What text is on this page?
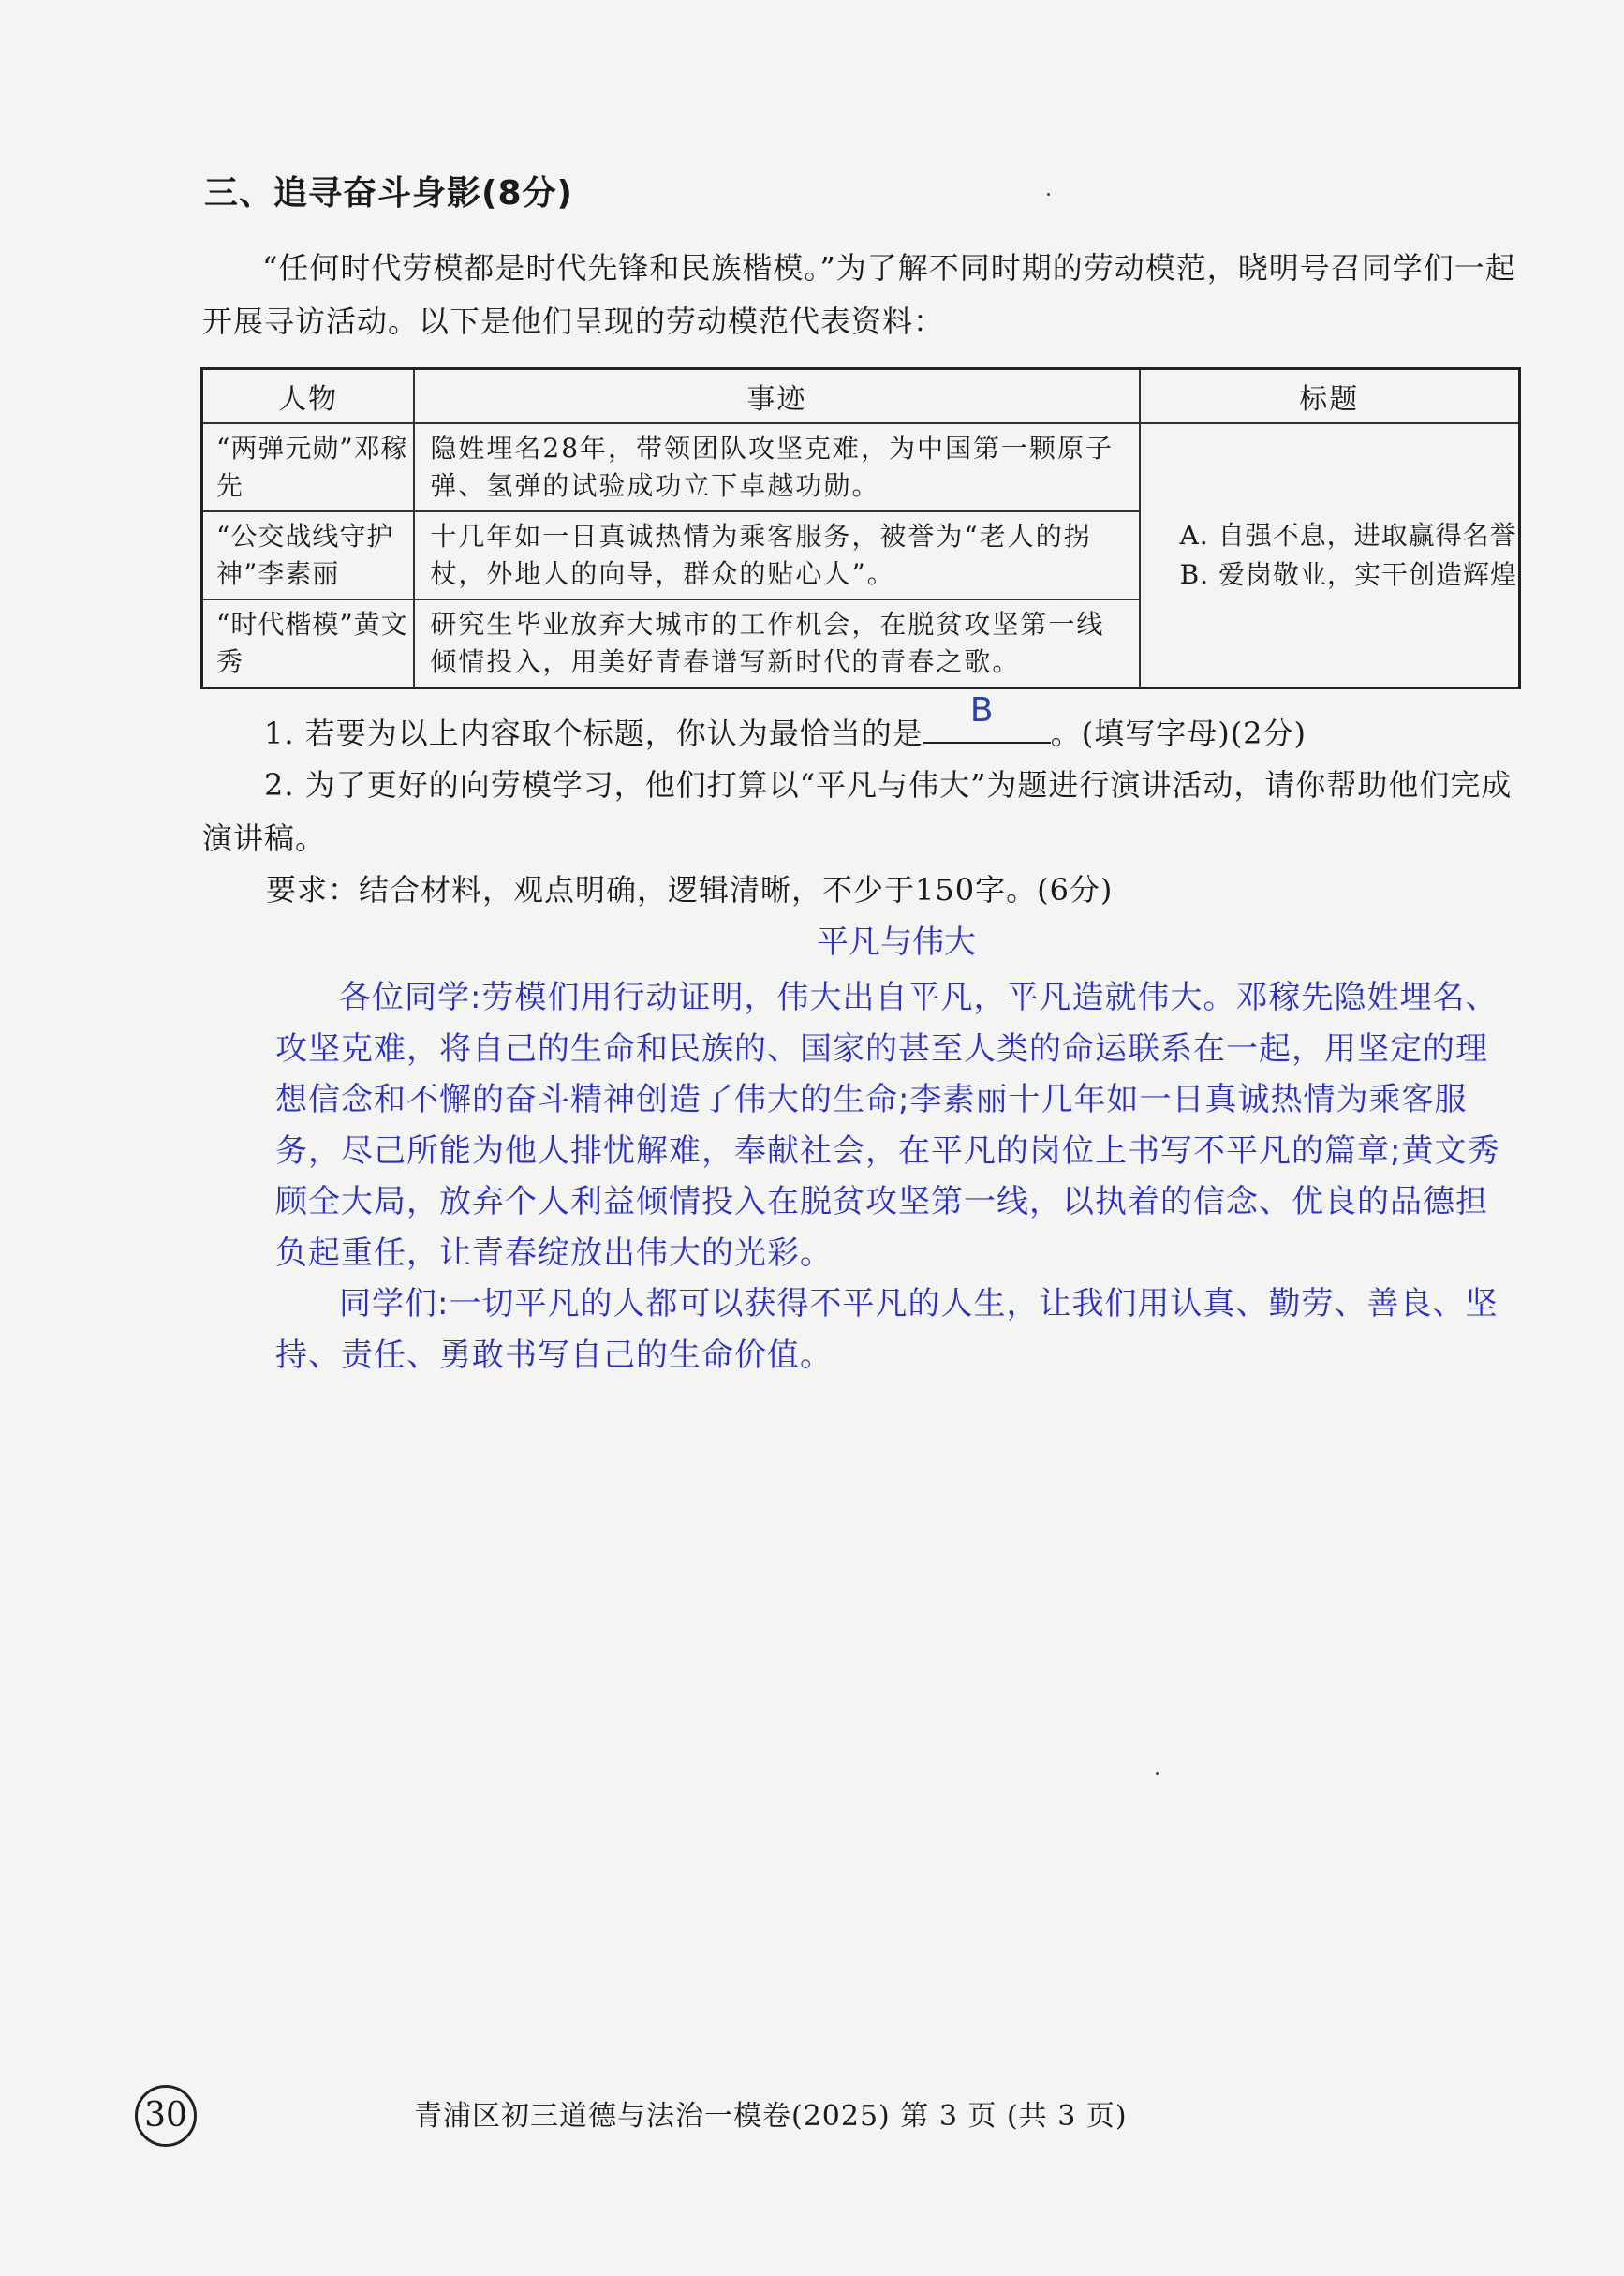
三、追寻奋斗身影(8分)
“任何时代劳模都是时代先锋和民族楷模。”为了解不同时期的劳动模范，晓明号召同学们一起开展寻访活动。以下是他们呈现的劳动模范代表资料：
人物	事迹	标题
“两弹元勋”邓稼先	隐姓埋名28年，带领团队攻坚克难，为中国第一颗原子弹、氢弹的试验成功立下卓越功勋。	A. 自强不息，进取赢得名誉
B. 爱岗敬业，实干创造辉煌

“公交战线守护神”李素丽	十几年如一日真诚热情为乘客服务，被誉为“老人的拐杖，外地人的向导，群众的贴心人”。	
“时代楷模”黄文秀	研究生毕业放弃大城市的工作机会，在脱贫攻坚第一线倾情投入，用美好青春谱写新时代的青春之歌。	
1. 若要为以上内容取个标题，你认为最恰当的是
B
。(填写字母)(2分)
2. 为了更好的向劳模学习，他们打算以“平凡与伟大”为题进行演讲活动，请你帮助他们完成演讲稿。
要求：结合材料，观点明确，逻辑清晰，不少于150字。(6分)
平凡与伟大

各位同学:劳模们用行动证明，伟大出自平凡，平凡造就伟大。邓稼先隐姓埋名、攻坚克难，将自己的生命和民族的、国家的甚至人类的命运联系在一起，用坚定的理想信念和不懈的奋斗精神创造了伟大的生命;李素丽十几年如一日真诚热情为乘客服务，尽己所能为他人排忧解难，奉献社会，在平凡的岗位上书写不平凡的篇章;黄文秀顾全大局，放弃个人利益倾情投入在脱贫攻坚第一线，以执着的信念、优良的品德担负起重任，让青春绽放出伟大的光彩。

同学们:一切平凡的人都可以获得不平凡的人生，让我们用认真、勤劳、善良、坚持、责任、勇敢书写自己的生命价值。

30	青浦区初三道德与法治一模卷(2025) 第 3 页 (共 3 页)
